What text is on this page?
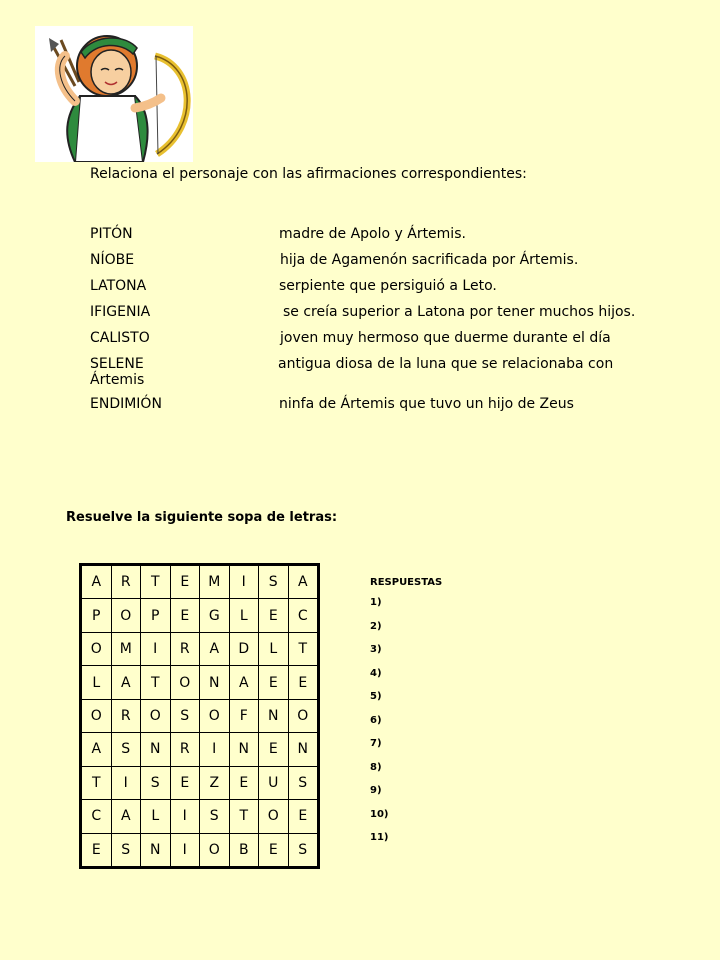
Relaciona el personaje con las afirmaciones correspondientes:
PITÓN	madre de Apolo y Ártemis.
NÍOBE	hija de Agamenón sacrificada por Ártemis.
LATONA	serpiente que persiguió a Leto.
IFIGENIA	se creía superior a Latona por tener muchos hijos.
CALISTO	joven muy hermoso que duerme durante el día
SELENE	antigua diosa de la luna que se relacionaba con
Ártemis
ENDIMIÓN	ninfa de Ártemis que tuvo un hijo de Zeus
Resuelve la siguiente sopa de letras:
A	R	T	E	M	I	S	A
P	O	P	E	G	L	E	C
O	M	I	R	A	D	L	T
L	A	T	O	N	A	E	E
O	R	O	S	O	F	N	O
A	S	N	R	I	N	E	N
T	I	S	E	Z	E	U	S
C	A	L	I	S	T	O	E
E	S	N	I	O	B	E	S
RESPUESTAS
1)
2)
3)
4)
5)
6)
7)
8)
9)
10)
11)
